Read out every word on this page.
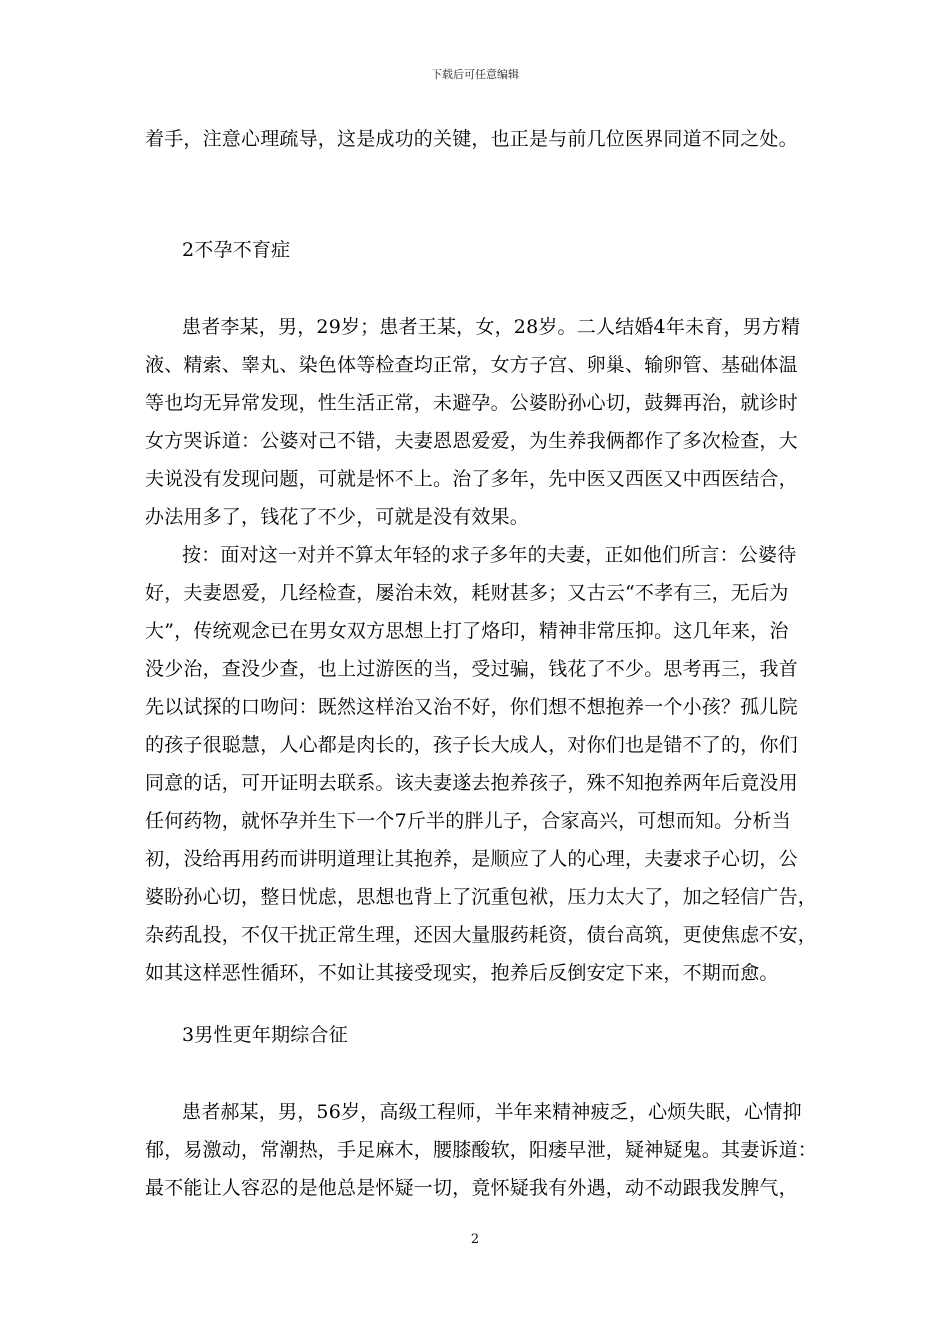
下载后可任意编辑
着手，注意心理疏导，这是成功的关键，也正是与前几位医界同道不同之处。
2不孕不育症
患者李某，男，29岁；患者王某，女，28岁。二人结婚4年未育，男方精
液、精索、睾丸、染色体等检查均正常，女方子宫、卵巢、输卵管、基础体温
等也均无异常发现，性生活正常，未避孕。公婆盼孙心切，鼓舞再治，就诊时
女方哭诉道：公婆对己不错，夫妻恩恩爱爱，为生养我俩都作了多次检查，大
夫说没有发现问题，可就是怀不上。治了多年，先中医又西医又中西医结合，
办法用多了，钱花了不少，可就是没有效果。
按：面对这一对并不算太年轻的求子多年的夫妻，正如他们所言：公婆待
好，夫妻恩爱，几经检查，屡治未效，耗财甚多；又古云“不孝有三，无后为
大”，传统观念已在男女双方思想上打了烙印，精神非常压抑。这几年来，治
没少治，查没少查，也上过游医的当，受过骗，钱花了不少。思考再三，我首
先以试探的口吻问：既然这样治又治不好，你们想不想抱养一个小孩？孤儿院
的孩子很聪慧，人心都是肉长的，孩子长大成人，对你们也是错不了的，你们
同意的话，可开证明去联系。该夫妻遂去抱养孩子，殊不知抱养两年后竟没用
任何药物，就怀孕并生下一个7斤半的胖儿子，合家高兴，可想而知。分析当
初，没给再用药而讲明道理让其抱养，是顺应了人的心理，夫妻求子心切，公
婆盼孙心切，整日忧虑，思想也背上了沉重包袱，压力太大了，加之轻信广告，
杂药乱投，不仅干扰正常生理，还因大量服药耗资，债台高筑，更使焦虑不安，
如其这样恶性循环，不如让其接受现实，抱养后反倒安定下来，不期而愈。
3男性更年期综合征
患者郝某，男，56岁，高级工程师，半年来精神疲乏，心烦失眠，心情抑
郁，易激动，常潮热，手足麻木，腰膝酸软，阳痿早泄，疑神疑鬼。其妻诉道：
最不能让人容忍的是他总是怀疑一切，竟怀疑我有外遇，动不动跟我发脾气，
2
